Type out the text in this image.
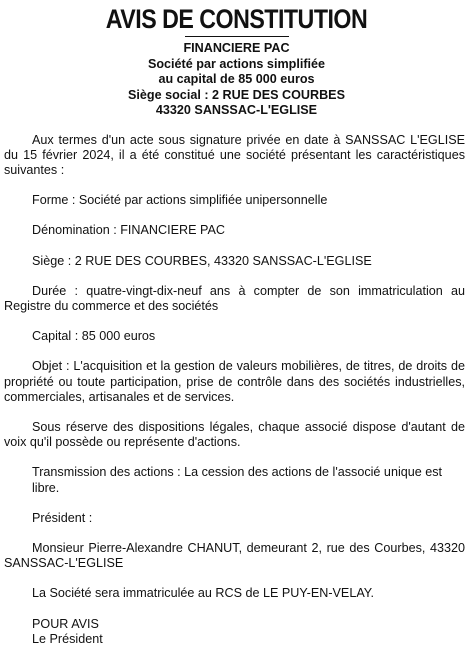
AVIS DE CONSTITUTION
FINANCIERE PAC
Société par actions simplifiée
au capital de 85 000 euros
Siège social : 2 RUE DES COURBES
43320 SANSSAC-L'EGLISE

Aux termes d'un acte sous signature privée en date à SANSSAC L'EGLISE du 15 février 2024, il a été constitué une société présentant les caractéristiques suivantes :

Forme : Société par actions simplifiée unipersonnelle

Dénomination : FINANCIERE PAC

Siège : 2 RUE DES COURBES, 43320 SANSSAC-L'EGLISE

Durée : quatre-vingt-dix-neuf ans à compter de son immatriculation au Registre du commerce et des sociétés

Capital : 85 000 euros

Objet : L'acquisition et la gestion de valeurs mobilières, de titres, de droits de propriété ou toute participation, prise de contrôle dans des sociétés industrielles, commerciales, artisanales et de services.

Sous réserve des dispositions légales, chaque associé dispose d'autant de voix qu'il possède ou représente d'actions.

Transmission des actions : La cession des actions de l'associé unique est libre.

Président :

Monsieur Pierre-Alexandre CHANUT, demeurant 2, rue des Courbes, 43320 SANSSAC-L'EGLISE

La Société sera immatriculée au RCS de LE PUY-EN-VELAY.

POUR AVIS
Le Président
